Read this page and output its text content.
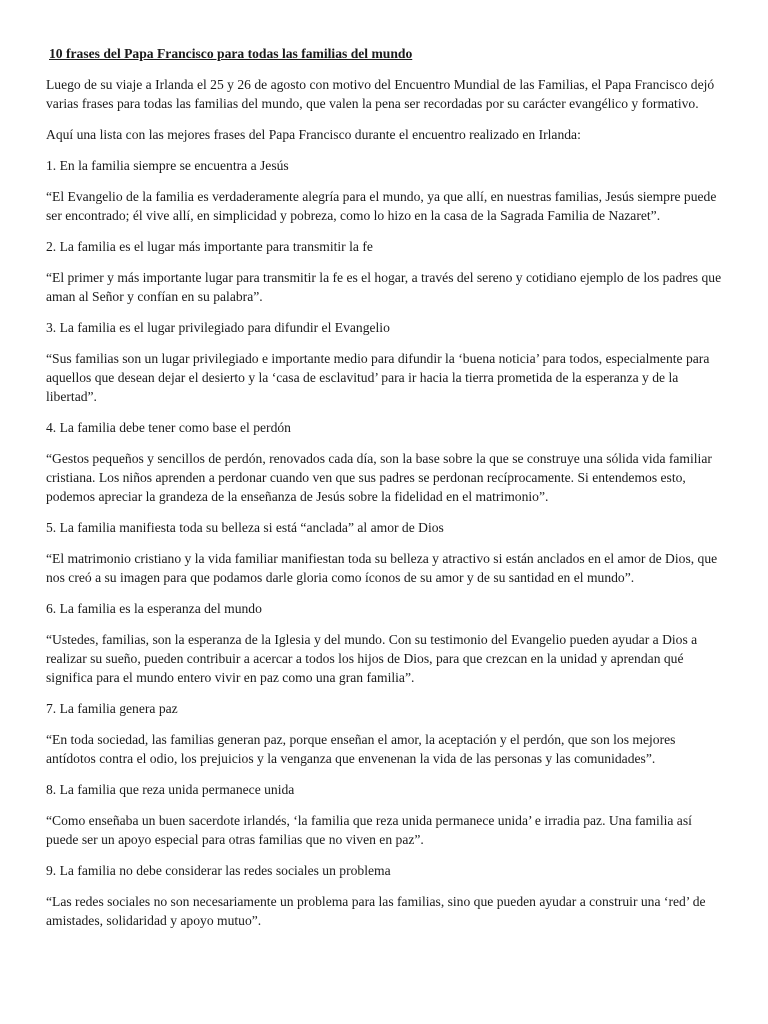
10 frases del Papa Francisco para todas las familias del mundo
Luego de su viaje a Irlanda el 25 y 26 de agosto con motivo del Encuentro Mundial de las Familias, el Papa Francisco dejó varias frases para todas las familias del mundo, que valen la pena ser recordadas por su carácter evangélico y formativo.
Aquí una lista con las mejores frases del Papa Francisco durante el encuentro realizado en Irlanda:
1. En la familia siempre se encuentra a Jesús
“El Evangelio de la familia es verdaderamente alegría para el mundo, ya que allí, en nuestras familias, Jesús siempre puede ser encontrado; él vive allí, en simplicidad y pobreza, como lo hizo en la casa de la Sagrada Familia de Nazaret”.
2. La familia es el lugar más importante para transmitir la fe
“El primer y más importante lugar para transmitir la fe es el hogar, a través del sereno y cotidiano ejemplo de los padres que aman al Señor y confían en su palabra”.
3. La familia es el lugar privilegiado para difundir el Evangelio
“Sus familias son un lugar privilegiado e importante medio para difundir la ‘buena noticia’ para todos, especialmente para aquellos que desean dejar el desierto y la ‘casa de esclavitud’ para ir hacia la tierra prometida de la esperanza y de la libertad”.
4. La familia debe tener como base el perdón
“Gestos pequeños y sencillos de perdón, renovados cada día, son la base sobre la que se construye una sólida vida familiar cristiana. Los niños aprenden a perdonar cuando ven que sus padres se perdonan recíprocamente. Si entendemos esto, podemos apreciar la grandeza de la enseñanza de Jesús sobre la fidelidad en el matrimonio”.
5. La familia manifiesta toda su belleza si está “anclada” al amor de Dios
“El matrimonio cristiano y la vida familiar manifiestan toda su belleza y atractivo si están anclados en el amor de Dios, que nos creó a su imagen para que podamos darle gloria como íconos de su amor y de su santidad en el mundo”.
6. La familia es la esperanza del mundo
“Ustedes, familias, son la esperanza de la Iglesia y del mundo. Con su testimonio del Evangelio pueden ayudar a Dios a realizar su sueño, pueden contribuir a acercar a todos los hijos de Dios, para que crezcan en la unidad y aprendan qué significa para el mundo entero vivir en paz como una gran familia”.
7. La familia genera paz
“En toda sociedad, las familias generan paz, porque enseñan el amor, la aceptación y el perdón, que son los mejores antídotos contra el odio, los prejuicios y la venganza que envenenan la vida de las personas y las comunidades”.
8. La familia que reza unida permanece unida
“Como enseñaba un buen sacerdote irlandés, ‘la familia que reza unida permanece unida’ e irradia paz. Una familia así puede ser un apoyo especial para otras familias que no viven en paz”.
9. La familia no debe considerar las redes sociales un problema
“Las redes sociales no son necesariamente un problema para las familias, sino que pueden ayudar a construir una ‘red’ de amistades, solidaridad y apoyo mutuo”.
